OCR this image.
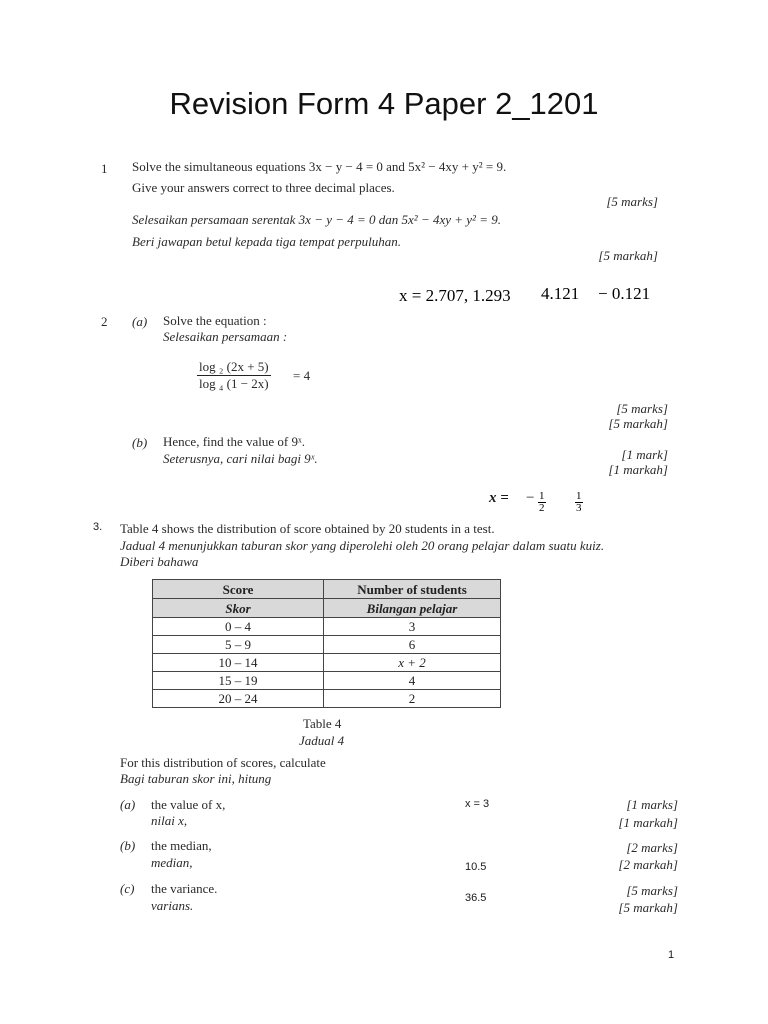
Revision Form 4 Paper 2_1201
1 Solve the simultaneous equations 3x − y − 4 = 0 and 5x² − 4xy + y² = 9.
Give your answers correct to three decimal places.
[5 marks]
Selesaikan persamaan serentak 3x − y − 4 = 0 dan 5x² − 4xy + y² = 9.
Beri jawapan betul kepada tiga tempat perpuluhan.
[5 markah]
x = 2.707, 1.293 4.121 − 0.121
2 (a) Solve the equation :
Selesaikan persamaan :
$\frac{\text{log ₂ (2x + 5)}}{\text{log ₄ (1 − 2x)}} = 4$
[5 marks]
[5 markah]
(b) Hence, find the value of 9ˣ.
Seterusnya, cari nilai bagi 9ˣ.	[1 mark]
[1 markah]
x = − $\frac{1}{2}$	$\frac{1}{3}$
3. Table 4 shows the distribution of score obtained by 20 students in a test.
Jadual 4 menunjukkan taburan skor yang diperolehi oleh 20 orang pelajar dalam suatu kuiz.
Diberi bahawa
Score	Number of students
Skor	Bilangan pelajar
0 – 4	3
5 – 9	6
10 – 14	x + 2
15 – 19	4
20 – 24	2
Table 4
Jadual 4
For this distribution of scores, calculate
Bagi taburan skor ini, hitung
(a) the value of x,
nilai x,
x = 3	[1 marks]
[1 markah]
(b) the median,
median,	10.5
[2 marks]
[2 markah]
(c) the variance.
varians.	36.5	[5 marks]
[5 markah]
1
